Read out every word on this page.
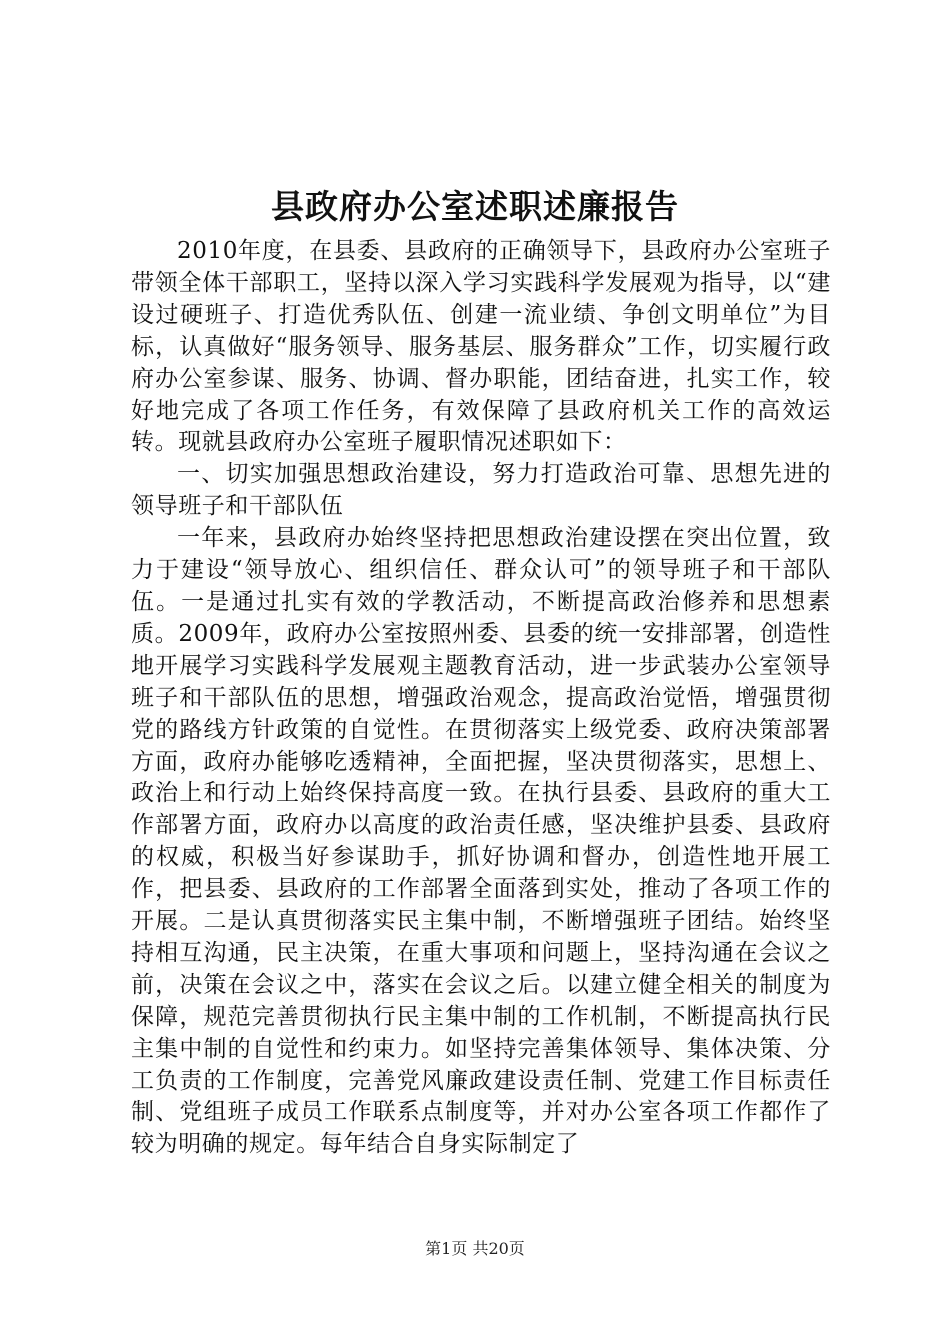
县政府办公室述职述廉报告

2010年度，在县委、县政府的正确领导下，县政府办公室班子带领全体干部职工，坚持以深入学习实践科学发展观为指导，以“建设过硬班子、打造优秀队伍、创建一流业绩、争创文明单位”为目标，认真做好“服务领导、服务基层、服务群众”工作，切实履行政府办公室参谋、服务、协调、督办职能，团结奋进，扎实工作，较好地完成了各项工作任务，有效保障了县政府机关工作的高效运转。现就县政府办公室班子履职情况述职如下：

一、切实加强思想政治建设，努力打造政治可靠、思想先进的领导班子和干部队伍

一年来，县政府办始终坚持把思想政治建设摆在突出位置，致力于建设“领导放心、组织信任、群众认可”的领导班子和干部队伍。一是通过扎实有效的学教活动，不断提高政治修养和思想素质。2009年，政府办公室按照州委、县委的统一安排部署，创造性地开展学习实践科学发展观主题教育活动，进一步武装办公室领导班子和干部队伍的思想，增强政治观念，提高政治觉悟，增强贯彻党的路线方针政策的自觉性。在贯彻落实上级党委、政府决策部署方面，政府办能够吃透精神，全面把握，坚决贯彻落实，思想上、政治上和行动上始终保持高度一致。在执行县委、县政府的重大工作部署方面，政府办以高度的政治责任感，坚决维护县委、县政府的权威，积极当好参谋助手，抓好协调和督办，创造性地开展工作，把县委、县政府的工作部署全面落到实处，推动了各项工作的开展。二是认真贯彻落实民主集中制，不断增强班子团结。始终坚持相互沟通，民主决策，在重大事项和问题上，坚持沟通在会议之前，决策在会议之中，落实在会议之后。以建立健全相关的制度为保障，规范完善贯彻执行民主集中制的工作机制，不断提高执行民主集中制的自觉性和约束力。如坚持完善集体领导、集体决策、分工负责的工作制度，完善党风廉政建设责任制、党建工作目标责任制、党组班子成员工作联系点制度等，并对办公室各项工作都作了较为明确的规定。每年结合自身实际制定了

第1页 共20页
